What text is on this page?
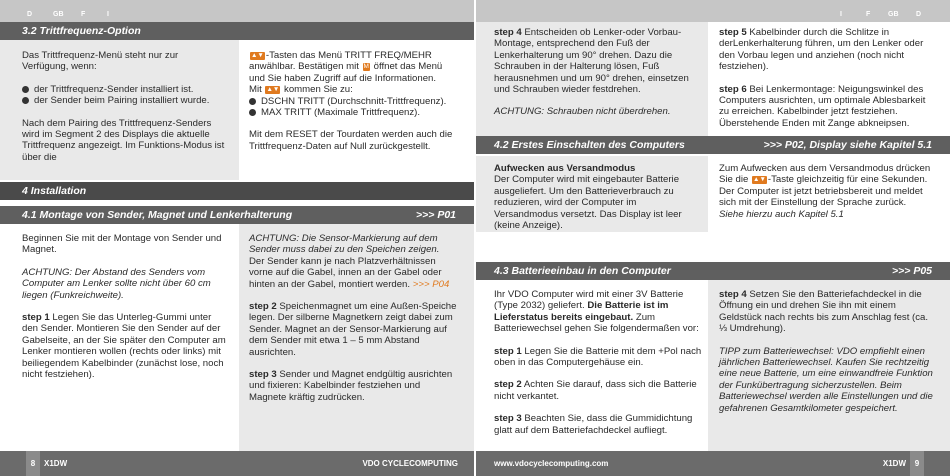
D	GB	F	I
3.2 Trittfrequenz-Option

Das Trittfrequenz-Menü steht nur zur Verfügung, wenn:

der Trittfrequenz-Sender installiert ist.
der Sender beim Pairing installiert wurde.

Nach dem Pairing des Trittfrequenz-Senders wird im Segment 2 des Displays die aktuelle Trittfrequenz angezeigt. Im Funktions-Modus ist über die

▲▼ -Tasten das Menü TRITT FREQ/MEHR anwählbar. Bestätigen mit M öffnet das Menü und Sie haben Zugriff auf die Informationen.
Mit ▲▼ kommen Sie zu:
DSCHN TRITT (Durchschnitt-Trittfrequenz).
MAX TRITT (Maximale Trittfrequenz).

Mit dem RESET der Tourdaten werden auch die Trittfrequenz-Daten auf Null zurückgestellt.

4 Installation
4.1 Montage von Sender, Magnet und Lenkerhalterung	>>> P01

Beginnen Sie mit der Montage von Sender und Magnet.

ACHTUNG: Der Abstand des Senders vom Computer am Lenker sollte nicht über 60 cm liegen (Funkreichweite).

step 1 Legen Sie das Unterleg-Gummi unter den Sender. Montieren Sie den Sender auf der Gabelseite, an der Sie später den Computer am Lenker montieren wollen (rechts oder links) mit beiliegendem Kabelbinder (zunächst lose, noch nicht festziehen).

ACHTUNG: Die Sensor-Markierung auf dem Sender muss dabei zu den Speichen zeigen.

Der Sender kann je nach Platzverhältnissen vorne auf die Gabel, innen an der Gabel oder hinten an der Gabel, montiert werden. >>> P04

step 2 Speichenmagnet um eine Außen-Speiche legen. Der silberne Magnetkern zeigt dabei zum Sender. Magnet an der Sensor-Markierung auf dem Sender mit etwa 1 – 5 mm Abstand ausrichten.

step 3 Sender und Magnet endgültig ausrichten und fixieren: Kabelbinder festziehen und Magnete kräftig zudrücken.

8	X1DW	VDO CYCLECOMPUTING
I	F	GB	D

step 4 Entscheiden ob Lenker-oder Vorbau-Montage, entsprechend den Fuß der Lenkerhalterung um 90° drehen. Dazu die Schrauben in der Halterung lösen, Fuß herausnehmen und um 90° drehen, einsetzen und Schrauben wieder festdrehen.

ACHTUNG: Schrauben nicht überdrehen.

step 5 Kabelbinder durch die Schlitze in derLenkerhalterung führen, um den Lenker oder den Vorbau legen und anziehen (noch nicht festziehen).

step 6 Bei Lenkermontage: Neigungswinkel des Computers ausrichten, um optimale Ablesbarkeit zu erreichen. Kabelbinder jetzt festziehen. Überstehende Enden mit Zange abkneipsen.

4.2 Erstes Einschalten des Computers	>>> P02, Display siehe Kapitel 5.1
Aufwecken aus Versandmodus
Der Computer wird mit eingebauter Batterie ausgeliefert. Um den Batterieverbrauch zu reduzieren, wird der Computer im Versandmodus versetzt. Das Display ist leer (keine Anzeige).
Zum Aufwecken aus dem Versandmodus drücken Sie die ▲▼ -Taste gleichzeitig für eine Sekunden. Der Computer ist jetzt betriebsbereit und meldet sich mit der Einstellung der Sprache zurück.
Siehe hierzu auch Kapitel 5.1
4.3 Batterieeinbau in den Computer	>>> P05

Ihr VDO Computer wird mit einer 3V Batterie (Type 2032) geliefert. Die Batterie ist im Lieferstatus bereits eingebaut. Zum Batteriewechsel gehen Sie folgendermaßen vor:

step 1 Legen Sie die Batterie mit dem +Pol nach oben in das Computergehäuse ein.

step 2 Achten Sie darauf, dass sich die Batterie nicht verkantet.

step 3 Beachten Sie, dass die Gummidichtung glatt auf dem Batteriefachdeckel aufliegt.

step 4 Setzen Sie den Batteriefachdeckel in die Öffnung ein und drehen Sie ihn mit einem Geldstück nach rechts bis zum Anschlag fest (ca. ⅓ Umdrehung).

TIPP zum Batteriewechsel: VDO empfiehlt einen jährlichen Batteriewechsel. Kaufen Sie rechtzeitig eine neue Batterie, um eine einwandfreie Funktion der Funkübertragung sicherzustellen. Beim Batteriewechsel werden alle Einstellungen und die gefahrenen Gesamtkilometer gespeichert.

www.vdocyclecomputing.com	X1DW	9
